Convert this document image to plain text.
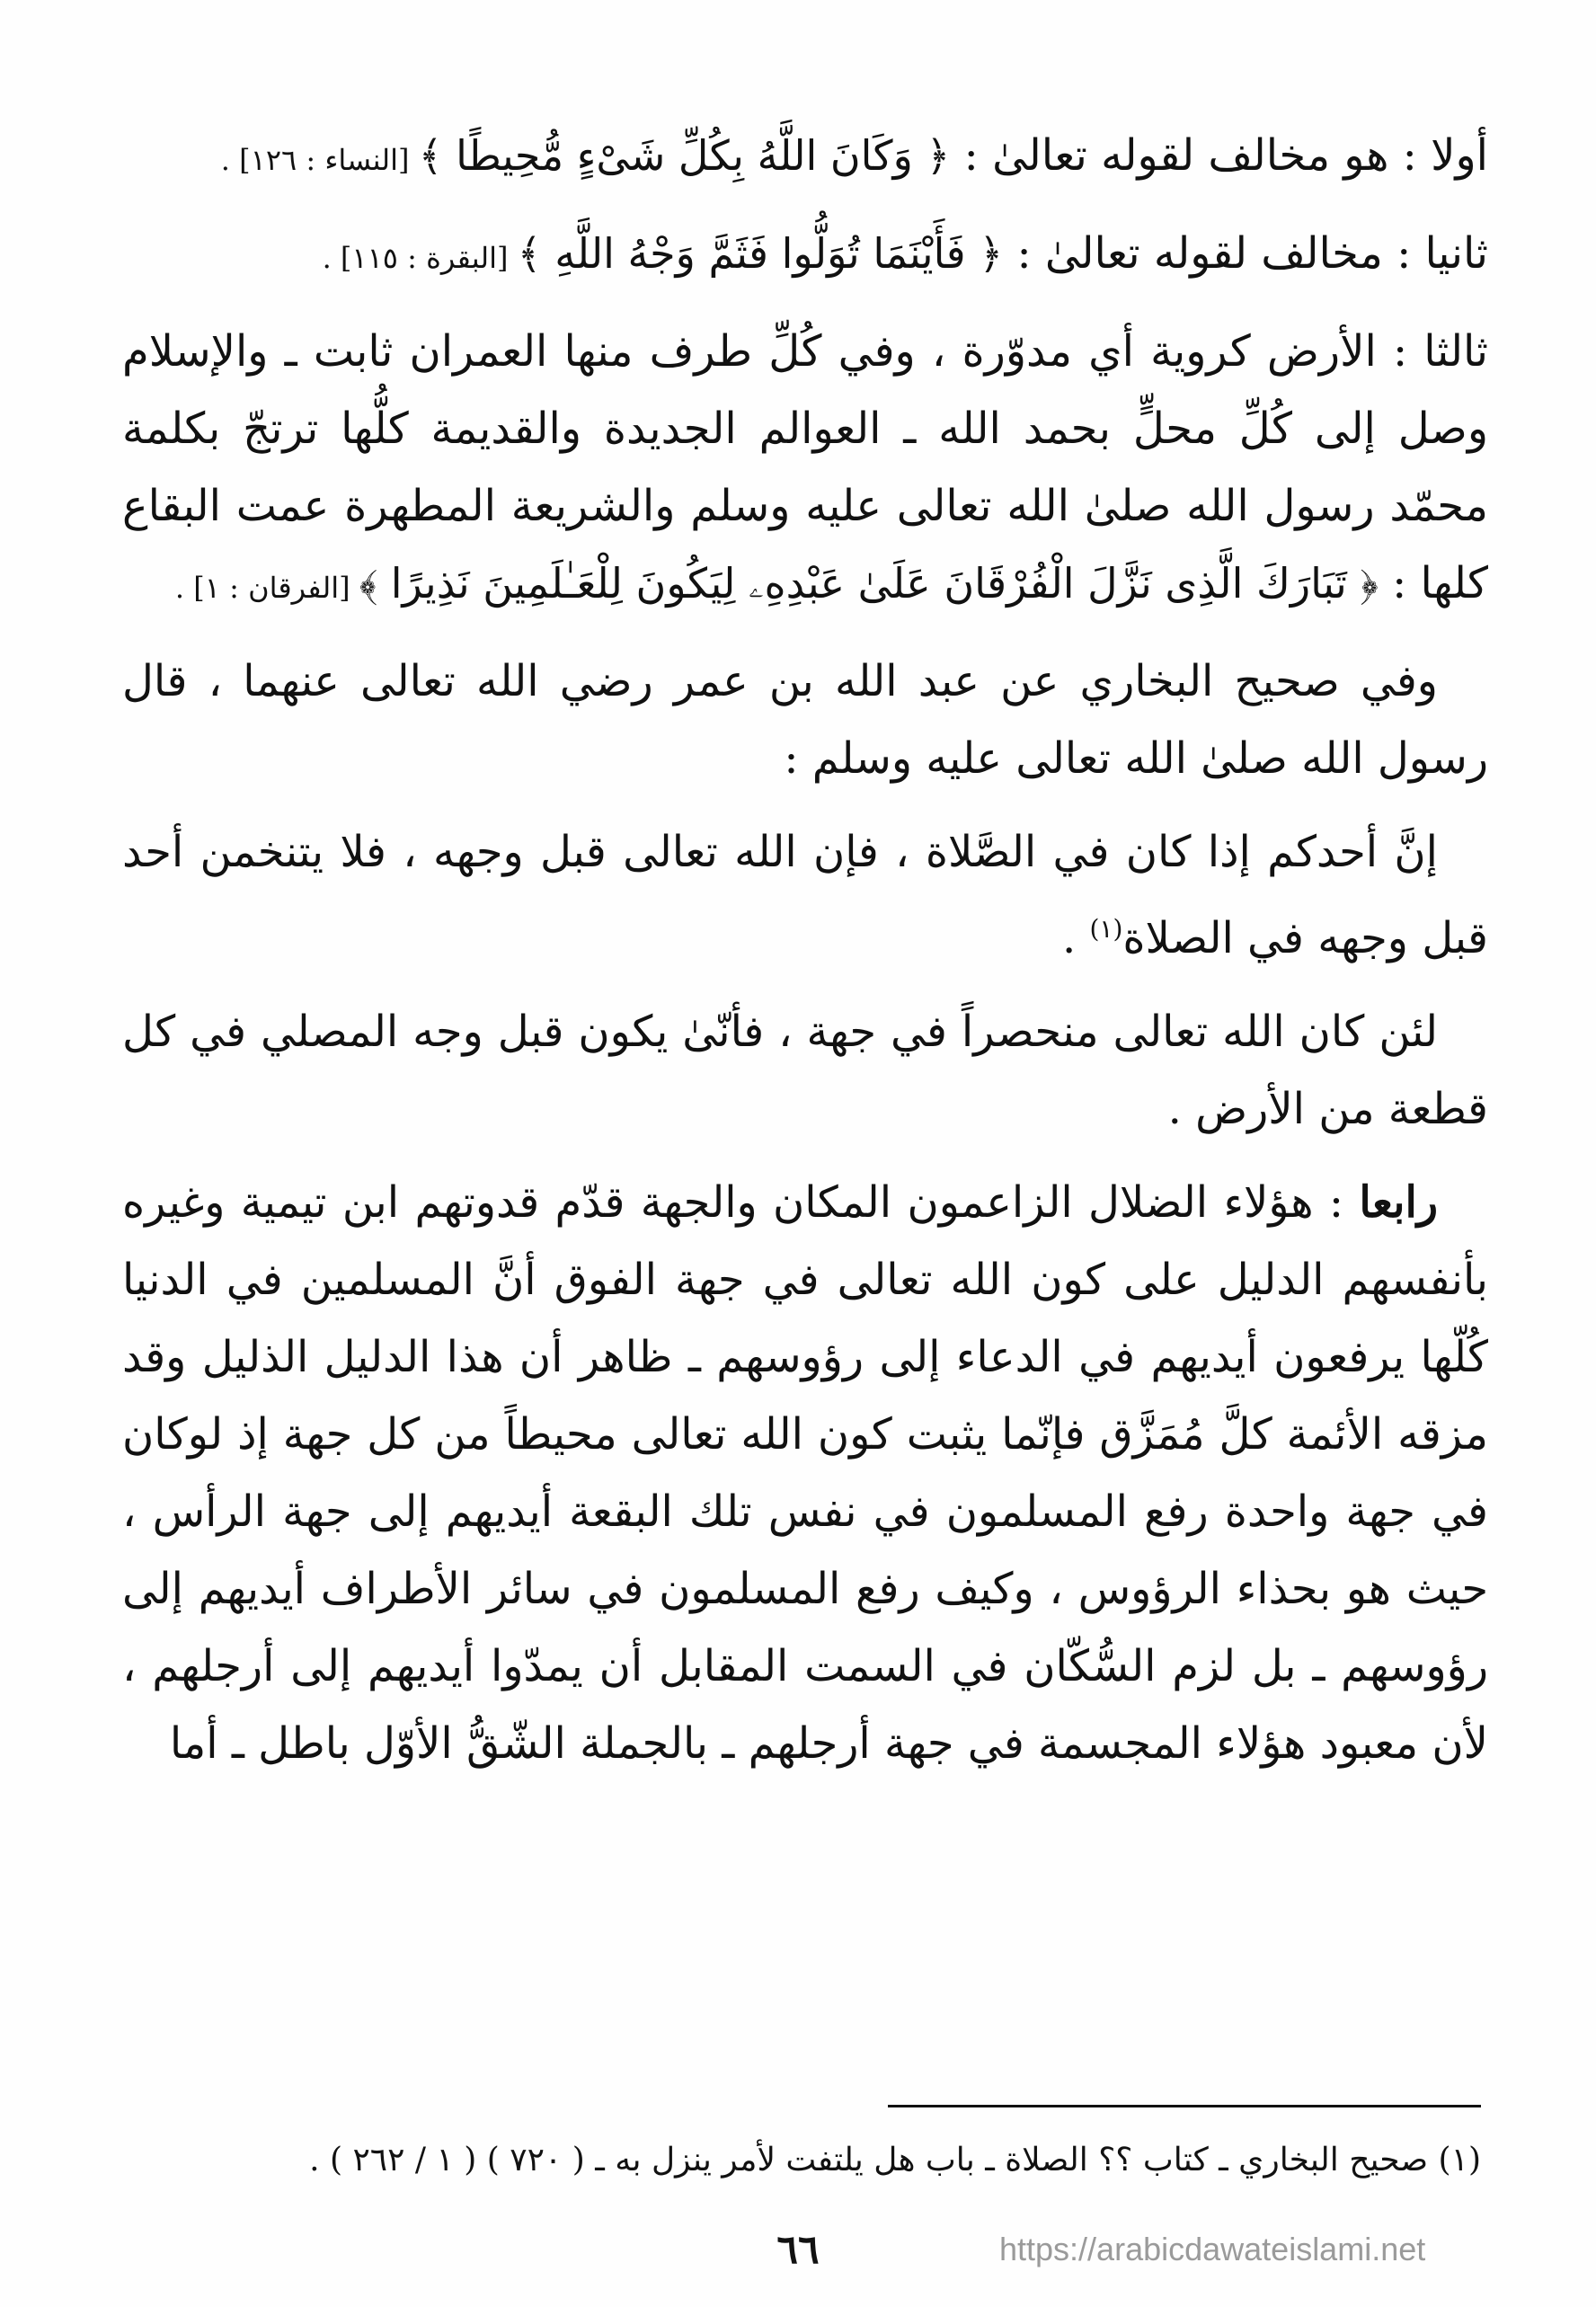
أولا : هو مخالف لقوله تعالىٰ : ﴿ وَكَانَ اللَّهُ بِكُلِّ شَىْءٍ مُّحِيطًا ﴾ [النساء : ١٢٦] .

ثانيا : مخالف لقوله تعالىٰ : ﴿ فَأَيْنَمَا تُوَلُّوا فَثَمَّ وَجْهُ اللَّهِ ﴾ [البقرة : ١١٥] .

ثالثا : الأرض كروية أي مدوّرة ، وفي كُلِّ طرف منها العمران ثابت ـ والإسلام وصل إلى كُلِّ محلٍّ بحمد الله ـ العوالم الجديدة والقديمة كلُّها ترتجّ بكلمة محمّد رسول الله صلىٰ الله تعالى عليه وسلم والشريعة المطهرة عمت البقاع كلها : ﴿ تَبَارَكَ الَّذِى نَزَّلَ الْفُرْقَانَ عَلَىٰ عَبْدِهِۦ لِيَكُونَ لِلْعَـٰلَمِينَ نَذِيرًا ﴾ [الفرقان : ١] .

وفي صحيح البخاري عن عبد الله بن عمر رضي الله تعالى عنهما ، قال رسول الله صلىٰ الله تعالى عليه وسلم :

إنَّ أحدكم إذا كان في الصَّلاة ، فإن الله تعالى قبل وجهه ، فلا يتنخمن أحد قبل وجهه في الصلاة$^{(١)}$ .

لئن كان الله تعالى منحصراً في جهة ، فأنّىٰ يكون قبل وجه المصلي في كل قطعة من الأرض .

رابعا : هؤلاء الضلال الزاعمون المكان والجهة قدّم قدوتهم ابن تيمية وغيره بأنفسهم الدليل على كون الله تعالى في جهة الفوق أنَّ المسلمين في الدنيا كُلّها يرفعون أيديهم في الدعاء إلى رؤوسهم ـ ظاهر أن هذا الدليل الذليل وقد مزقه الأئمة كلَّ مُمَزَّق فإنّما يثبت كون الله تعالى محيطاً من كل جهة إذ لوكان في جهة واحدة رفع المسلمون في نفس تلك البقعة أيديهم إلى جهة الرأس ، حيث هو بحذاء الرؤوس ، وكيف رفع المسلمون في سائر الأطراف أيديهم إلى رؤوسهم ـ بل لزم السُّكّان في السمت المقابل أن يمدّوا أيديهم إلى أرجلهم ، لأن معبود هؤلاء المجسمة في جهة أرجلهم ـ بالجملة الشّقُّ الأوّل باطل ـ أما

(١) صحيح البخاري ـ كتاب ؟؟ الصلاة ـ باب هل يلتفت لأمر ينزل به ـ ( ٧٢٠ ) ( ١ / ٢٦٢ ) .
٦٦	https://arabicdawateislami.net
